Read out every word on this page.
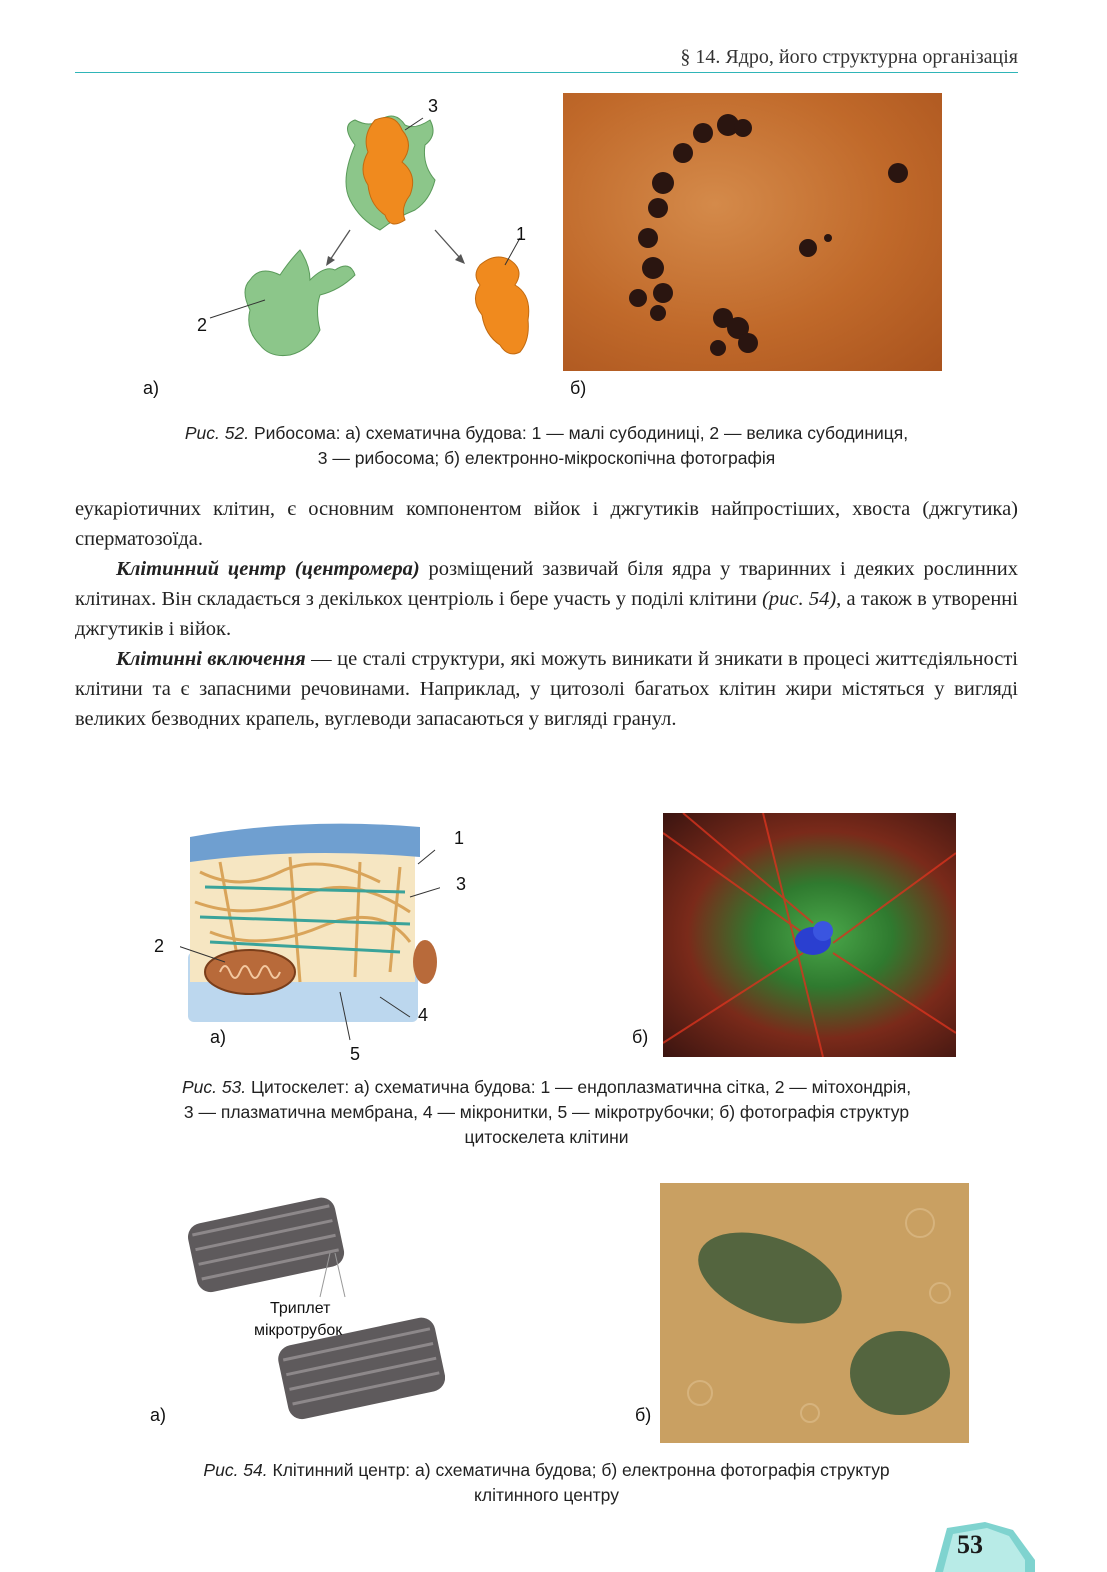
§ 14. Ядро, його структурна організація
3
1
2
а)	б)
Рис. 52. Рибосома: а) схематична будова: 1 — малі субодиниці, 2 — велика субодиниця,
3 — рибосома; б) електронно-мікроскопічна фотографія

еукаріотичних клітин, є основним компонентом війок і джгутиків найпростіших, хвоста (джгутика) сперматозоїда.

Клітинний центр (центромера) розміщений зазвичай біля ядра у тваринних і деяких рослинних клітинах. Він складається з декількох центріоль і бере участь у поділі клітини (рис. 54), а також в утворенні джгутиків і війок.

Клітинні включення — це сталі структури, які можуть виникати й зникати в процесі життєдіяльності клітини та є запасними речовинами. Наприклад, у цитозолі багатьох клітин жири містяться у вигляді великих безводних крапель, вуглеводи запасаються у вигляді гранул.

1
3
2
4
5
а)	б)
Рис. 53. Цитоскелет: а) схематична будова: 1 — ендоплазматична сітка, 2 — мітохондрія,
3 — плазматична мембрана, 4 — мікронитки, 5 — мікротрубочки; б) фотографія структур
цитоскелета клітини
Триплет
мікротрубок
а)	б)
Рис. 54. Клітинний центр: а) схематична будова; б) електронна фотографія структур
клітинного центру
53
